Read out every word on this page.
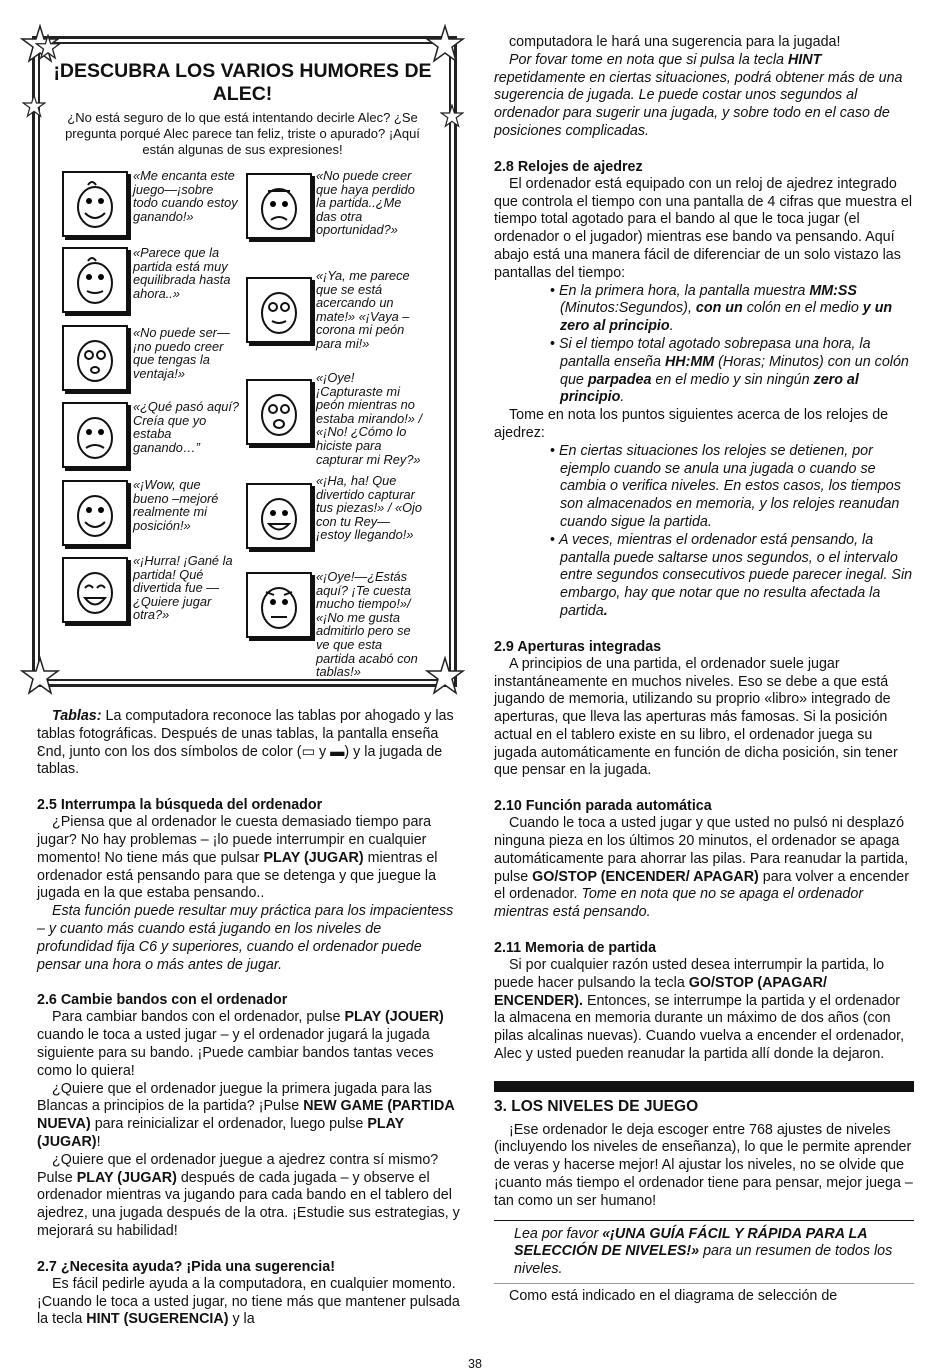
¡DESCUBRA LOS VARIOS HUMORES DE ALEC!
¿No está seguro de lo que está intentando decirle Alec? ¿Se pregunta porqué Alec parece tan feliz, triste o apurado? ¡Aquí están algunas de sus expresiones!
«Me encanta este juego—¡sobre todo cuando estoy ganando!»
«Parece que la partida está muy equilibrada hasta ahora..»
«No puede ser— ¡no puedo creer que tengas la ventaja!»
«¿Qué pasó aquí? Creía que yo estaba ganando…”
«¡Wow, que bueno –mejoré realmente mi posición!»
«¡Hurra! ¡Gané la partida! Qué divertida fue — ¿Quiere jugar otra?»
«No puede creer que haya perdido la partida..¿Me das otra oportunidad?»
«¡Ya, me parece que se está acercando un mate!» «¡Vaya – corona mi peón para mi!»
«¡Oye! ¡Capturaste mi peón mientras no estaba mirando!» / «¡No! ¿Cómo lo hiciste para capturar mi Rey?»
«¡Ha, ha! Que divertido capturar tus piezas!» / «Ojo con tu Rey—¡estoy llegando!»
«¡Oye!—¿Estás aquí? ¡Te cuesta mucho tiempo!»/ «¡No me gusta admitirlo pero se ve que esta partida acabó con tablas!»

Tablas: La computadora reconoce las tablas por ahogado y las tablas fotográficas. Después de unas tablas, la pantalla enseña Ɛnd, junto con los dos símbolos de color (▭ y ▬) y la jugada de tablas.

2.5 Interrumpa la búsqueda del ordenador

¿Piensa que al ordenador le cuesta demasiado tiempo para jugar? No hay problemas – ¡lo puede interrumpir en cualquier momento! No tiene más que pulsar PLAY (JUGAR) mientras el ordenador está pensando para que se detenga y que juegue la jugada en la que estaba pensando..

Esta función puede resultar muy práctica para los impacientess – y cuanto más cuando está jugando en los niveles de profundidad fija C6 y superiores, cuando el ordenador puede pensar una hora o más antes de jugar.

2.6 Cambie bandos con el ordenador

Para cambiar bandos con el ordenador, pulse PLAY (JOUER) cuando le toca a usted jugar – y el ordenador jugará la jugada siguiente para su bando. ¡Puede cambiar bandos tantas veces como lo quiera!

¿Quiere que el ordenador juegue la primera jugada para las Blancas a principios de la partida? ¡Pulse NEW GAME (PARTIDA NUEVA) para reinicializar el ordenador, luego pulse PLAY (JUGAR)!

¿Quiere que el ordenador juegue a ajedrez contra sí mismo? Pulse PLAY (JUGAR) después de cada jugada – y observe el ordenador mientras va jugando para cada bando en el tablero del ajedrez, una jugada después de la otra. ¡Estudie sus estrategias, y mejorará su habilidad!

2.7 ¿Necesita ayuda? ¡Pida una sugerencia!

Es fácil pedirle ayuda a la computadora, en cualquier momento. ¡Cuando le toca a usted jugar, no tiene más que mantener pulsada la tecla HINT (SUGERENCIA) y la

computadora le hará una sugerencia para la jugada!

Por fovar tome en nota que si pulsa la tecla HINT repetidamente en ciertas situaciones, podrá obtener más de una sugerencia de jugada. Le puede costar unos segundos al ordenador para sugerir una jugada, y sobre todo en el caso de posiciones complicadas.

2.8 Relojes de ajedrez

El ordenador está equipado con un reloj de ajedrez integrado que controla el tiempo con una pantalla de 4 cifras que muestra el tiempo total agotado para el bando al que le toca jugar (el ordenador o el jugador) mientras ese bando va pensando. Aquí abajo está una manera fácil de diferenciar de un solo vistazo las pantallas del tiempo:

• En la primera hora, la pantalla muestra MM:SS (Minutos:Segundos), con un colón en el medio y un zero al principio.
• Si el tiempo total agotado sobrepasa una hora, la pantalla enseña HH:MM (Horas; Minutos) con un colón que parpadea en el medio y sin ningún zero al principio.

Tome en nota los puntos siguientes acerca de los relojes de ajedrez:

• En ciertas situaciones los relojes se detienen, por ejemplo cuando se anula una jugada o cuando se cambia o verifica niveles. En estos casos, los tiempos son almacenados en memoria, y los relojes reanudan cuando sigue la partida.
• A veces, mientras el ordenador está pensando, la pantalla puede saltarse unos segundos, o el intervalo entre segundos consecutivos puede parecer inegal. Sin embargo, hay que notar que no resulta afectada la partida.
2.9 Aperturas integradas

A principios de una partida, el ordenador suele jugar instantáneamente en muchos niveles. Eso se debe a que está jugando de memoria, utilizando su proprio «libro» integrado de aperturas, que lleva las aperturas más famosas. Si la posición actual en el tablero existe en su libro, el ordenador juega su jugada automáticamente en función de dicha posición, sin tener que pensar en la jugada.

2.10 Función parada automática

Cuando le toca a usted jugar y que usted no pulsó ni desplazó ninguna pieza en los últimos 20 minutos, el ordenador se apaga automáticamente para ahorrar las pilas. Para reanudar la partida, pulse GO/STOP (ENCENDER/ APAGAR) para volver a encender el ordenador. Tome en nota que no se apaga el ordenador mientras está pensando.

2.11 Memoria de partida

Si por cualquier razón usted desea interrumpir la partida, lo puede hacer pulsando la tecla GO/STOP (APAGAR/ ENCENDER). Entonces, se interrumpe la partida y el ordenador la almacena en memoria durante un máximo de dos años (con pilas alcalinas nuevas). Cuando vuelva a encender el ordenador, Alec y usted pueden reanudar la partida allí donde la dejaron.

3. LOS NIVELES DE JUEGO

¡Ese ordenador le deja escoger entre 768 ajustes de niveles (incluyendo los niveles de enseñanza), lo que le permite aprender de veras y hacerse mejor! Al ajustar los niveles, no se olvide que ¡cuanto más tiempo el ordenador tiene para pensar, mejor juega – tan como un ser humano!

Lea por favor «¡UNA GUÍA FÁCIL Y RÁPIDA PARA LA SELECCIÓN DE NIVELES!» para un resumen de todos los niveles.

Como está indicado en el diagrama de selección de

38
